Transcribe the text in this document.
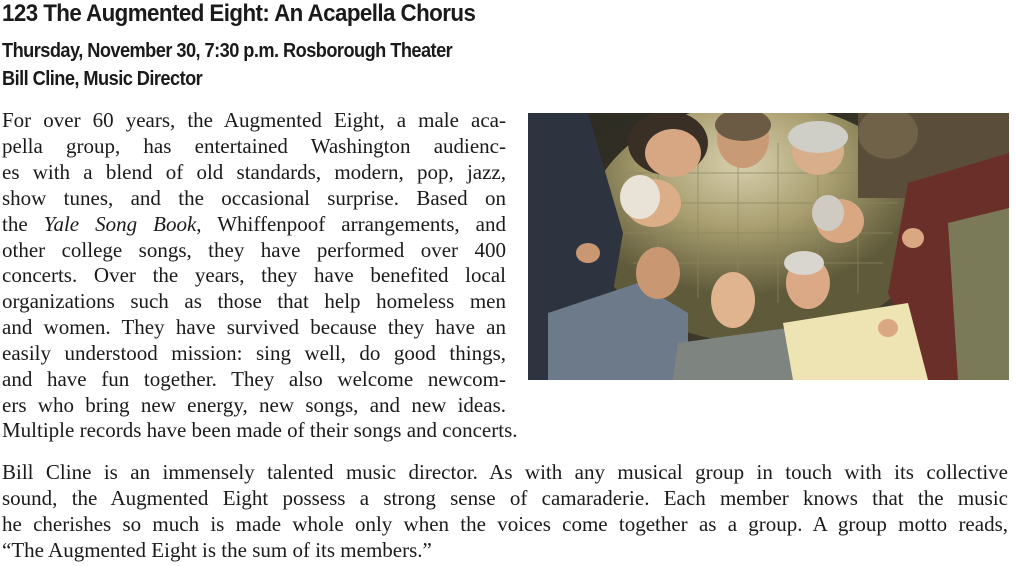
123 The Augmented Eight: An Acapella Chorus
Thursday, November 30, 7:30 p.m. Rosborough Theater
Bill Cline, Music Director
For over 60 years, the Augmented Eight, a male aca-
pella group, has entertained Washington audienc-
es with a blend of old standards, modern, pop, jazz,
show tunes, and the occasional surprise. Based on
the Yale Song Book, Whiffenpoof arrangements, and
other college songs, they have performed over 400
concerts. Over the years, they have benefited local
organizations such as those that help homeless men
and women. They have survived because they have an
easily understood mission: sing well, do good things,
and have fun together. They also welcome newcom-
ers who bring new energy, new songs, and new ideas.
Multiple records have been made of their songs and concerts.
Bill Cline is an immensely talented music director. As with any musical group in touch with its collective
sound, the Augmented Eight possess a strong sense of camaraderie. Each member knows that the music
he cherishes so much is made whole only when the voices come together as a group. A group motto reads,
“The Augmented Eight is the sum of its members.”
